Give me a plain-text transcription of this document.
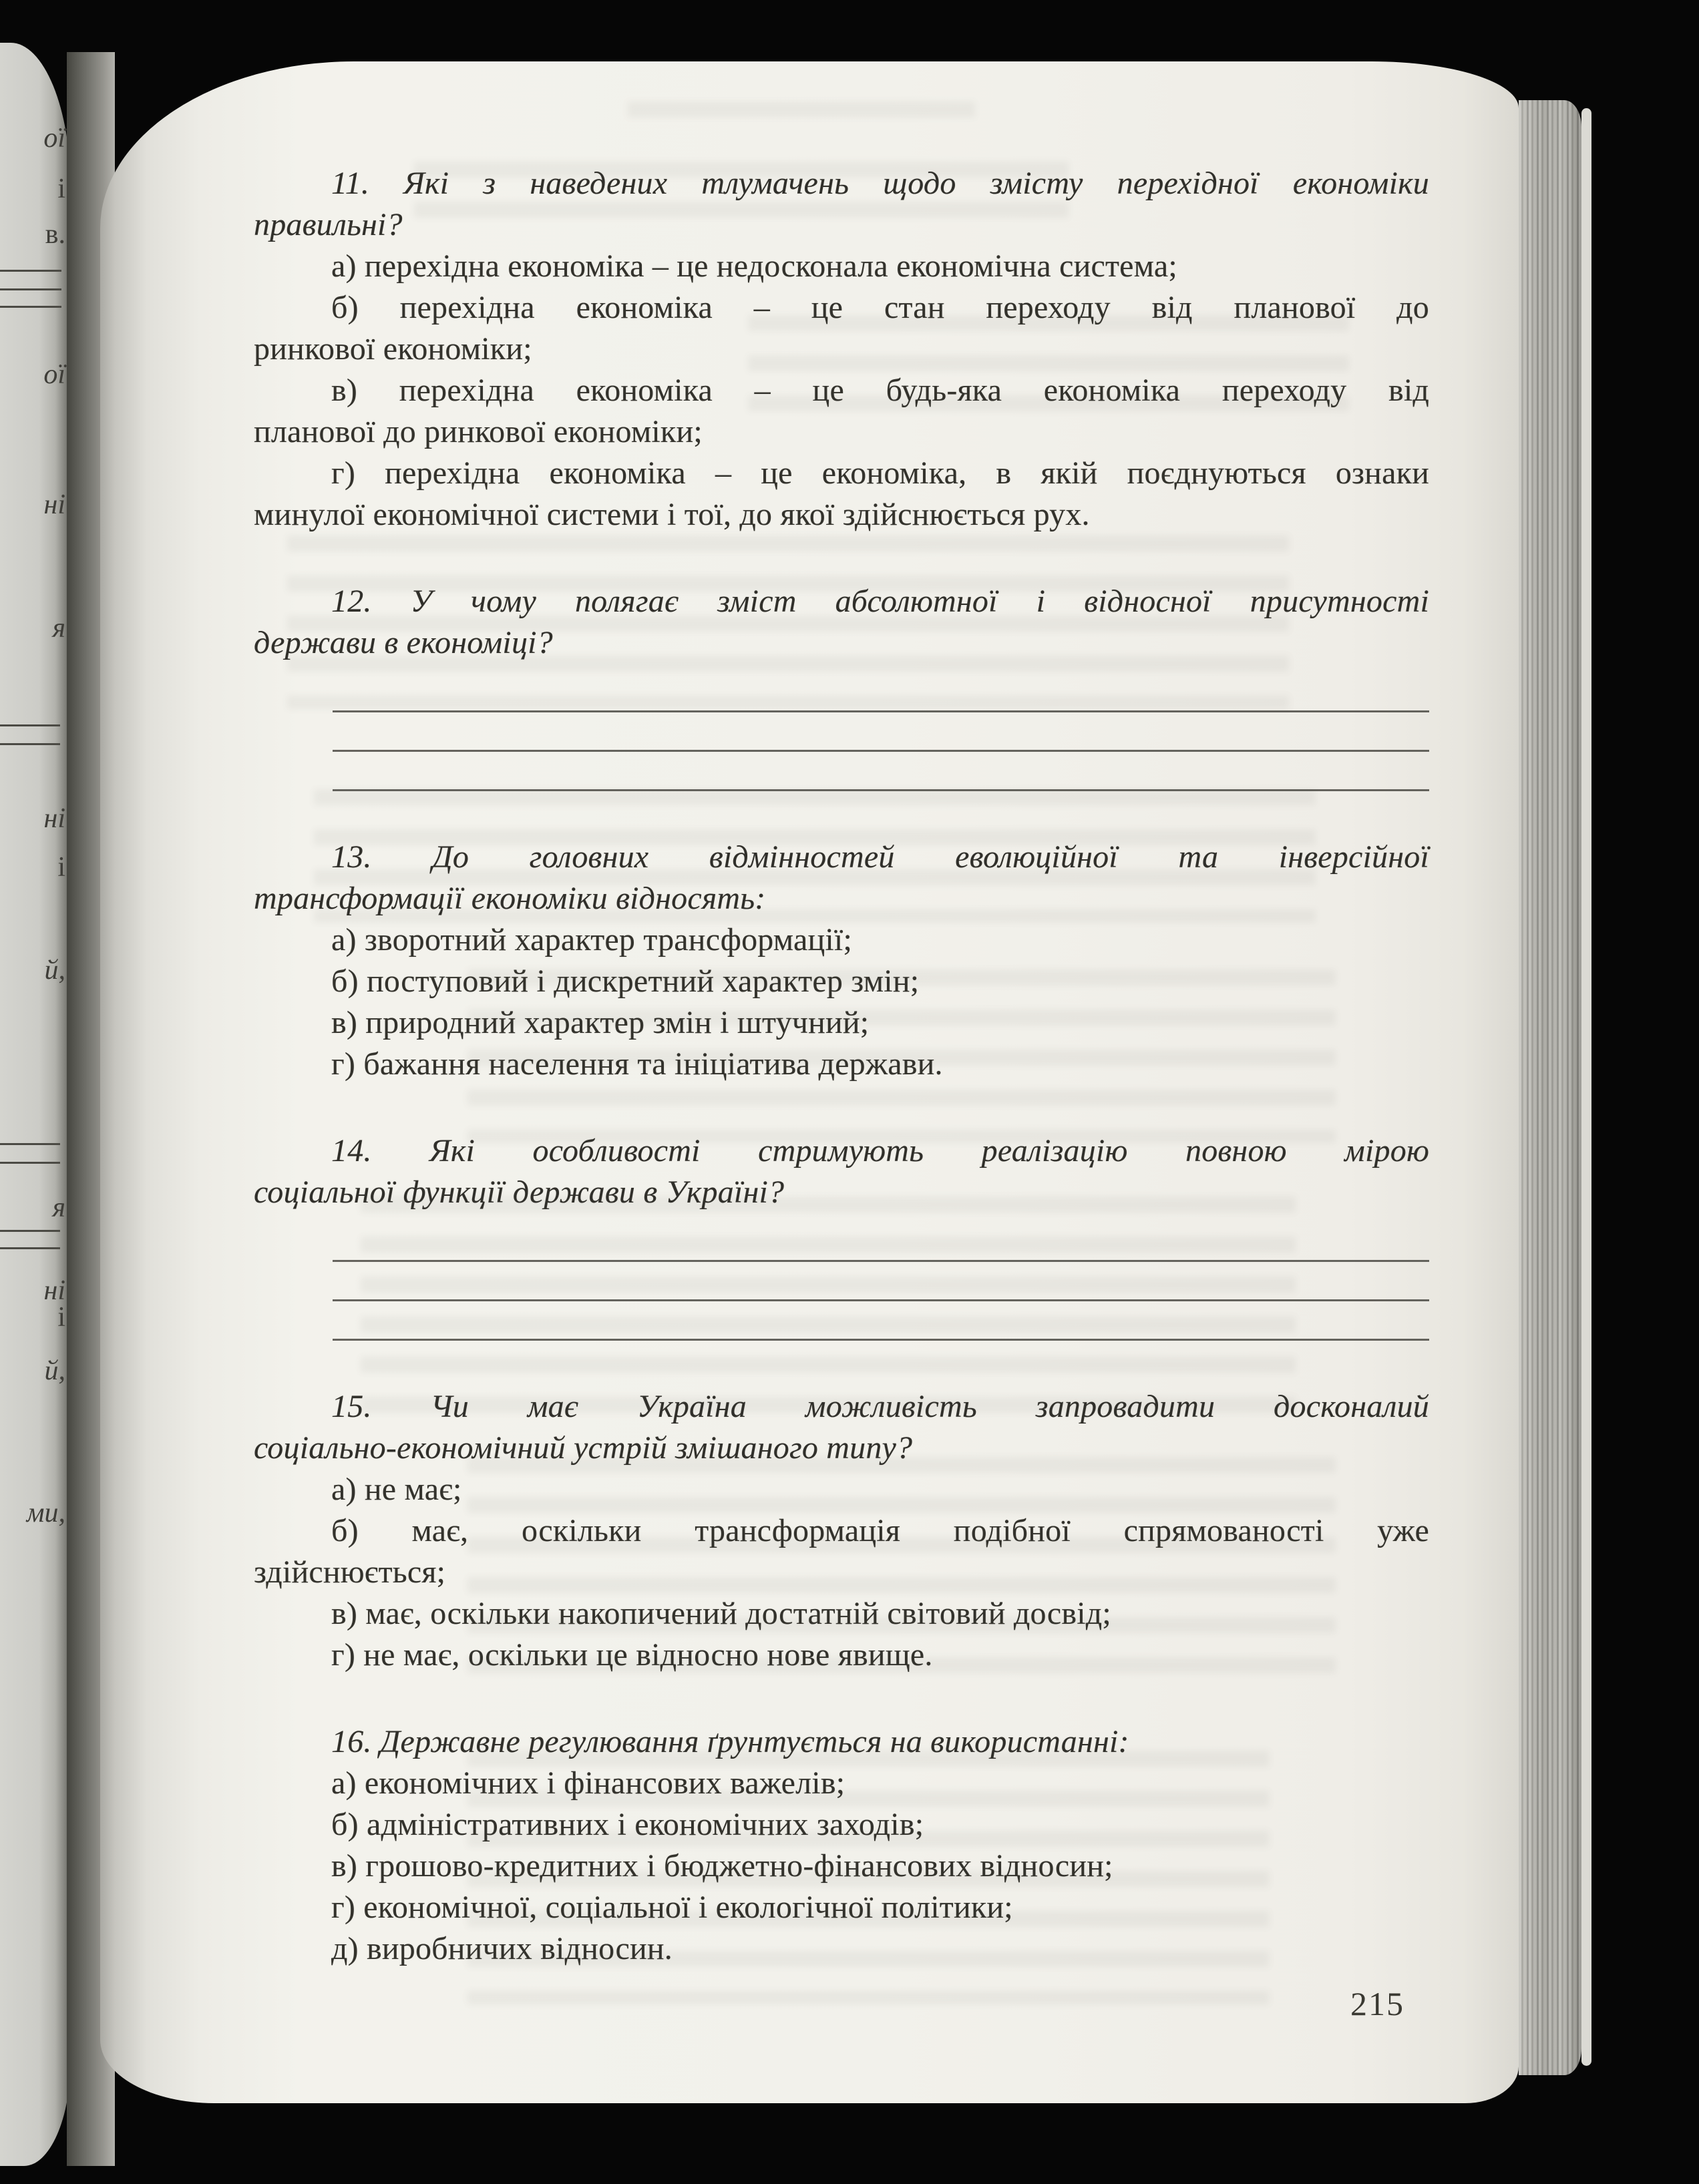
ої
і
в.
ої
ні
я
ні
і
й,
я
ні
і
й,
ми,
11. Які з наведених тлумачень щодо змісту перехідної економіки
правильні?
а) перехідна економіка – це недосконала економічна система;
б) перехідна економіка – це стан переходу від планової до
ринкової економіки;
в) перехідна економіка – це будь-яка економіка переходу від
планової до ринкової економіки;
г) перехідна економіка – це економіка, в якій поєднуються ознаки
минулої економічної системи і тої, до якої здійснюється рух.
12. У чому полягає зміст абсолютної і відносної присутності
держави в економіці?
13. До головних відмінностей еволюційної та інверсійної
трансформації економіки відносять:
а) зворотний характер трансформації;
б) поступовий і дискретний характер змін;
в) природний характер змін і штучний;
г) бажання населення та ініціатива держави.
14. Які особливості стримують реалізацію повною мірою
соціальної функції держави в Україні?
15. Чи має Україна можливість запровадити досконалий
соціально-економічний устрій змішаного типу?
а) не має;
б) має, оскільки трансформація подібної спрямованості уже
здійснюється;
в) має, оскільки накопичений достатній світовий досвід;
г) не має, оскільки це відносно нове явище.
16. Державне регулювання ґрунтується на використанні:
а) економічних і фінансових важелів;
б) адміністративних і економічних заходів;
в) грошово-кредитних і бюджетно-фінансових відносин;
г) економічної, соціальної і екологічної політики;
д) виробничих відносин.
215
